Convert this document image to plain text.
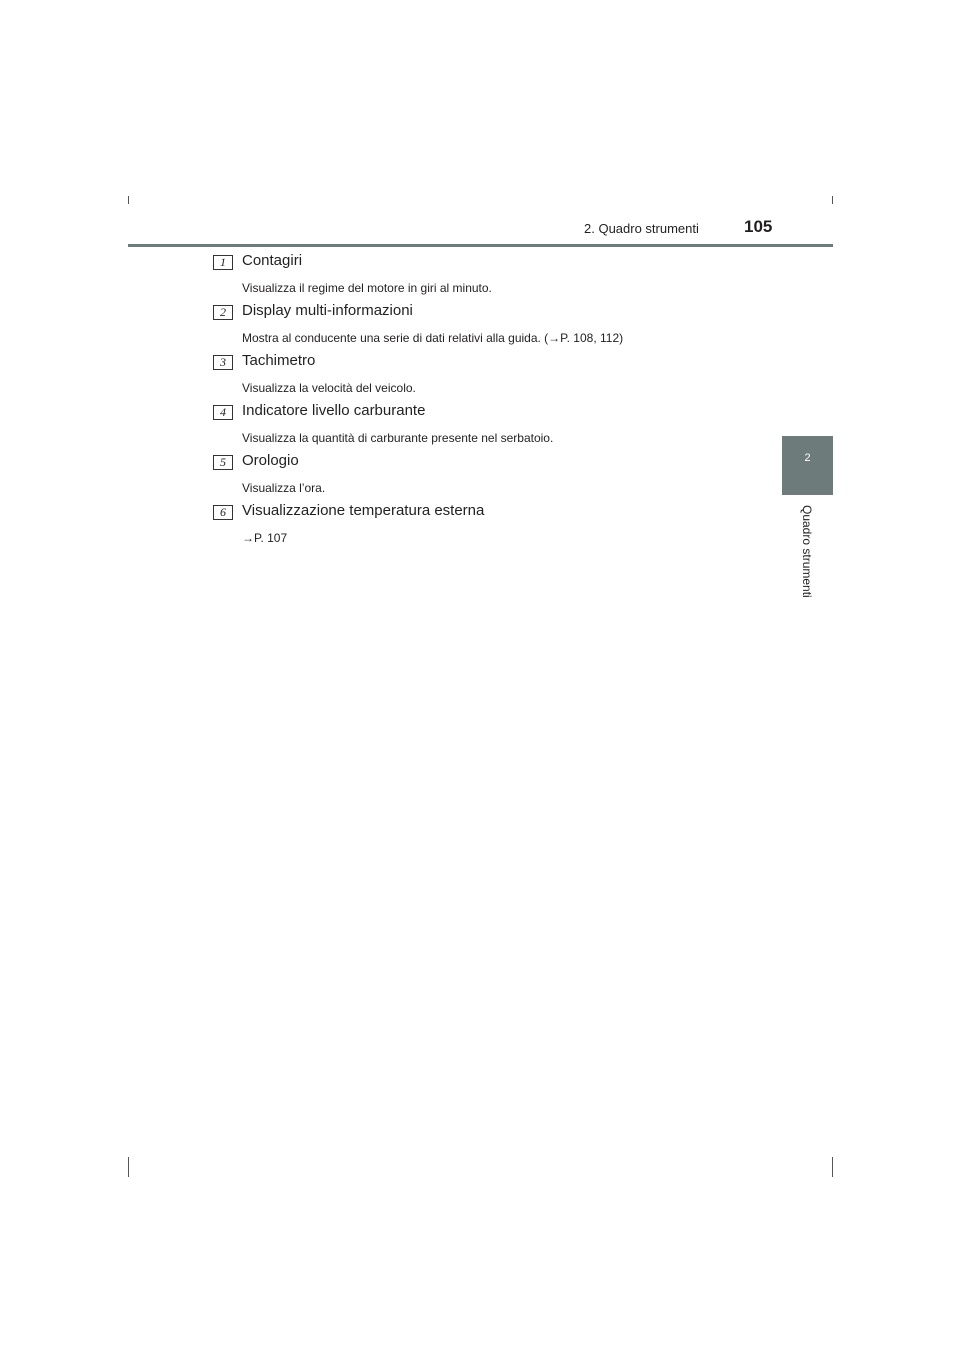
2. Quadro strumenti	105
2
Quadro strumenti
1	Contagiri
Visualizza il regime del motore in giri al minuto.
2	Display multi-informazioni
Mostra al conducente una serie di dati relativi alla guida. (→P. 108, 112)
3	Tachimetro
Visualizza la velocità del veicolo.
4	Indicatore livello carburante
Visualizza la quantità di carburante presente nel serbatoio.
5	Orologio
Visualizza l’ora.
6	Visualizzazione temperatura esterna
→P. 107
